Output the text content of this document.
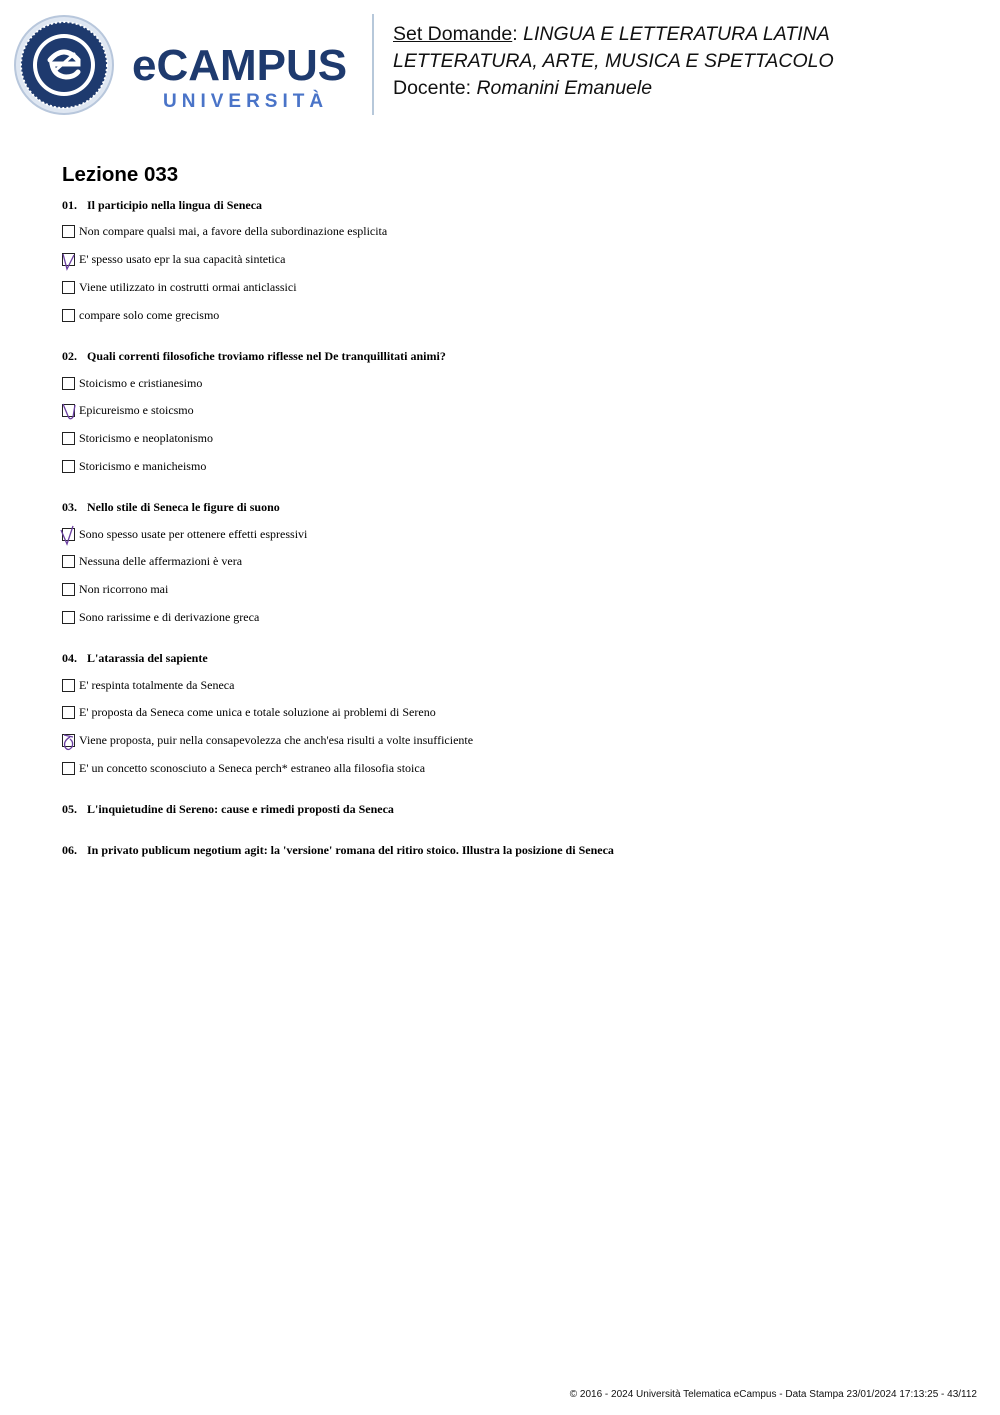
eCAMPUS
UNIVERSITÀ
Set Domande: LINGUA E LETTERATURA LATINA
LETTERATURA, ARTE, MUSICA E SPETTACOLO
Docente: Romanini Emanuele
Lezione 033
01. Il participio nella lingua di Seneca
Non compare qualsi mai, a favore della subordinazione esplicita
E' spesso usato epr la sua capacità sintetica
Viene utilizzato in costrutti ormai anticlassici
compare solo come grecismo
02. Quali correnti filosofiche troviamo riflesse nel De tranquillitati animi?
Stoicismo e cristianesimo
Epicureismo e stoicsmo
Storicismo e neoplatonismo
Storicismo e manicheismo
03. Nello stile di Seneca le figure di suono
Sono spesso usate per ottenere effetti espressivi
Nessuna delle affermazioni è vera
Non ricorrono mai
Sono rarissime e di derivazione greca
04. L'atarassia del sapiente
E' respinta totalmente da Seneca
E' proposta da Seneca come unica e totale soluzione ai problemi di Sereno
Viene proposta, puir nella consapevolezza che anch'esa risulti a volte insufficiente
E' un concetto sconosciuto a Seneca perch* estraneo alla filosofia stoica
05. L'inquietudine di Sereno: cause e rimedi proposti da Seneca
06. In privato publicum negotium agit: la 'versione' romana del ritiro stoico. Illustra la posizione di Seneca
© 2016 - 2024 Università Telematica eCampus - Data Stampa 23/01/2024 17:13:25 - 43/112
